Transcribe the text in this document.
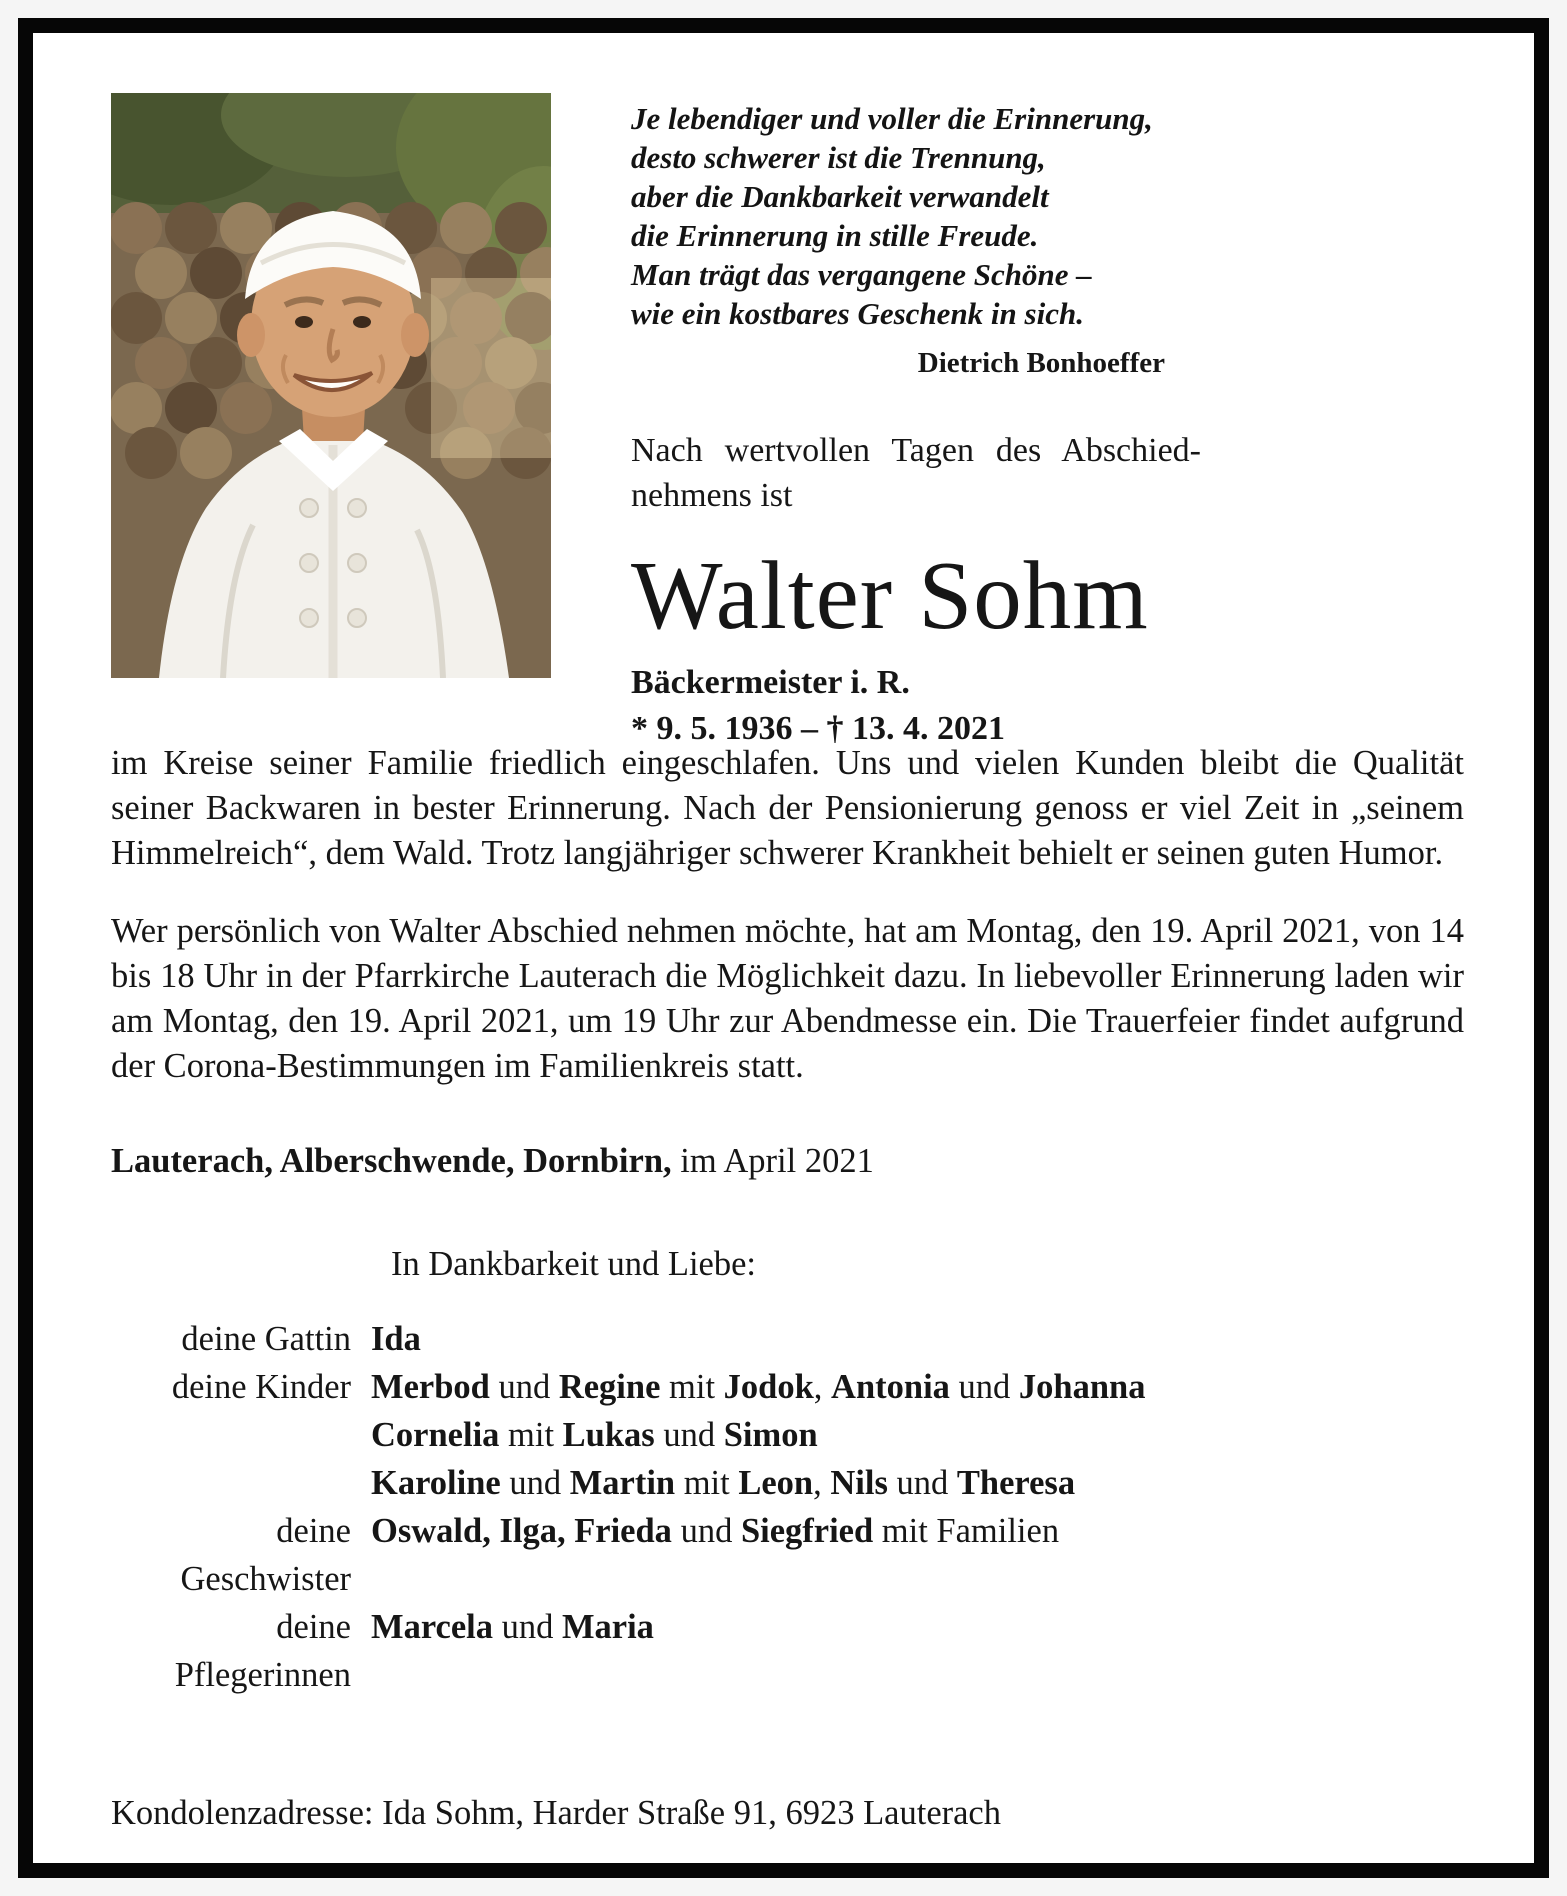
Je lebendiger und voller die Erinnerung,
desto schwerer ist die Trennung,
aber die Dankbarkeit verwandelt
die Erinnerung in stille Freude.
Man trägt das vergangene Schöne –
wie ein kostbares Geschenk in sich.
Dietrich Bonhoeffer
Nach wertvollen Tagen des Abschied-
nehmens ist
Walter Sohm
Bäckermeister i. R.
* 9. 5. 1936 – † 13. 4. 2021

im Kreise seiner Familie friedlich eingeschlafen. Uns und vielen Kunden bleibt die Qualität seiner Backwaren in bester Erinnerung. Nach der Pensionierung genoss er viel Zeit in „seinem Himmelreich“, dem Wald. Trotz langjähriger schwerer Krankheit behielt er seinen guten Humor.

Wer persönlich von Walter Abschied nehmen möchte, hat am Montag, den 19. April 2021, von 14 bis 18 Uhr in der Pfarrkirche Lauterach die Möglichkeit dazu. In liebevoller Erinnerung laden wir am Montag, den 19. April 2021, um 19 Uhr zur Abendmesse ein. Die Trauerfeier findet aufgrund der Corona-Bestimmungen im Familienkreis statt.

Lauterach, Alberschwende, Dornbirn, im April 2021
In Dankbarkeit und Liebe:
deine Gattin Ida
deine Kinder Merbod und Regine mit Jodok, Antonia und Johanna
Cornelia mit Lukas und Simon
Karoline und Martin mit Leon, Nils und Theresa
deine Geschwister
Oswald, Ilga, Frieda und Siegfried mit Familien
deine Pflegerinnen
Marcela und Maria
Kondolenzadresse: Ida Sohm, Harder Straße 91, 6923 Lauterach
